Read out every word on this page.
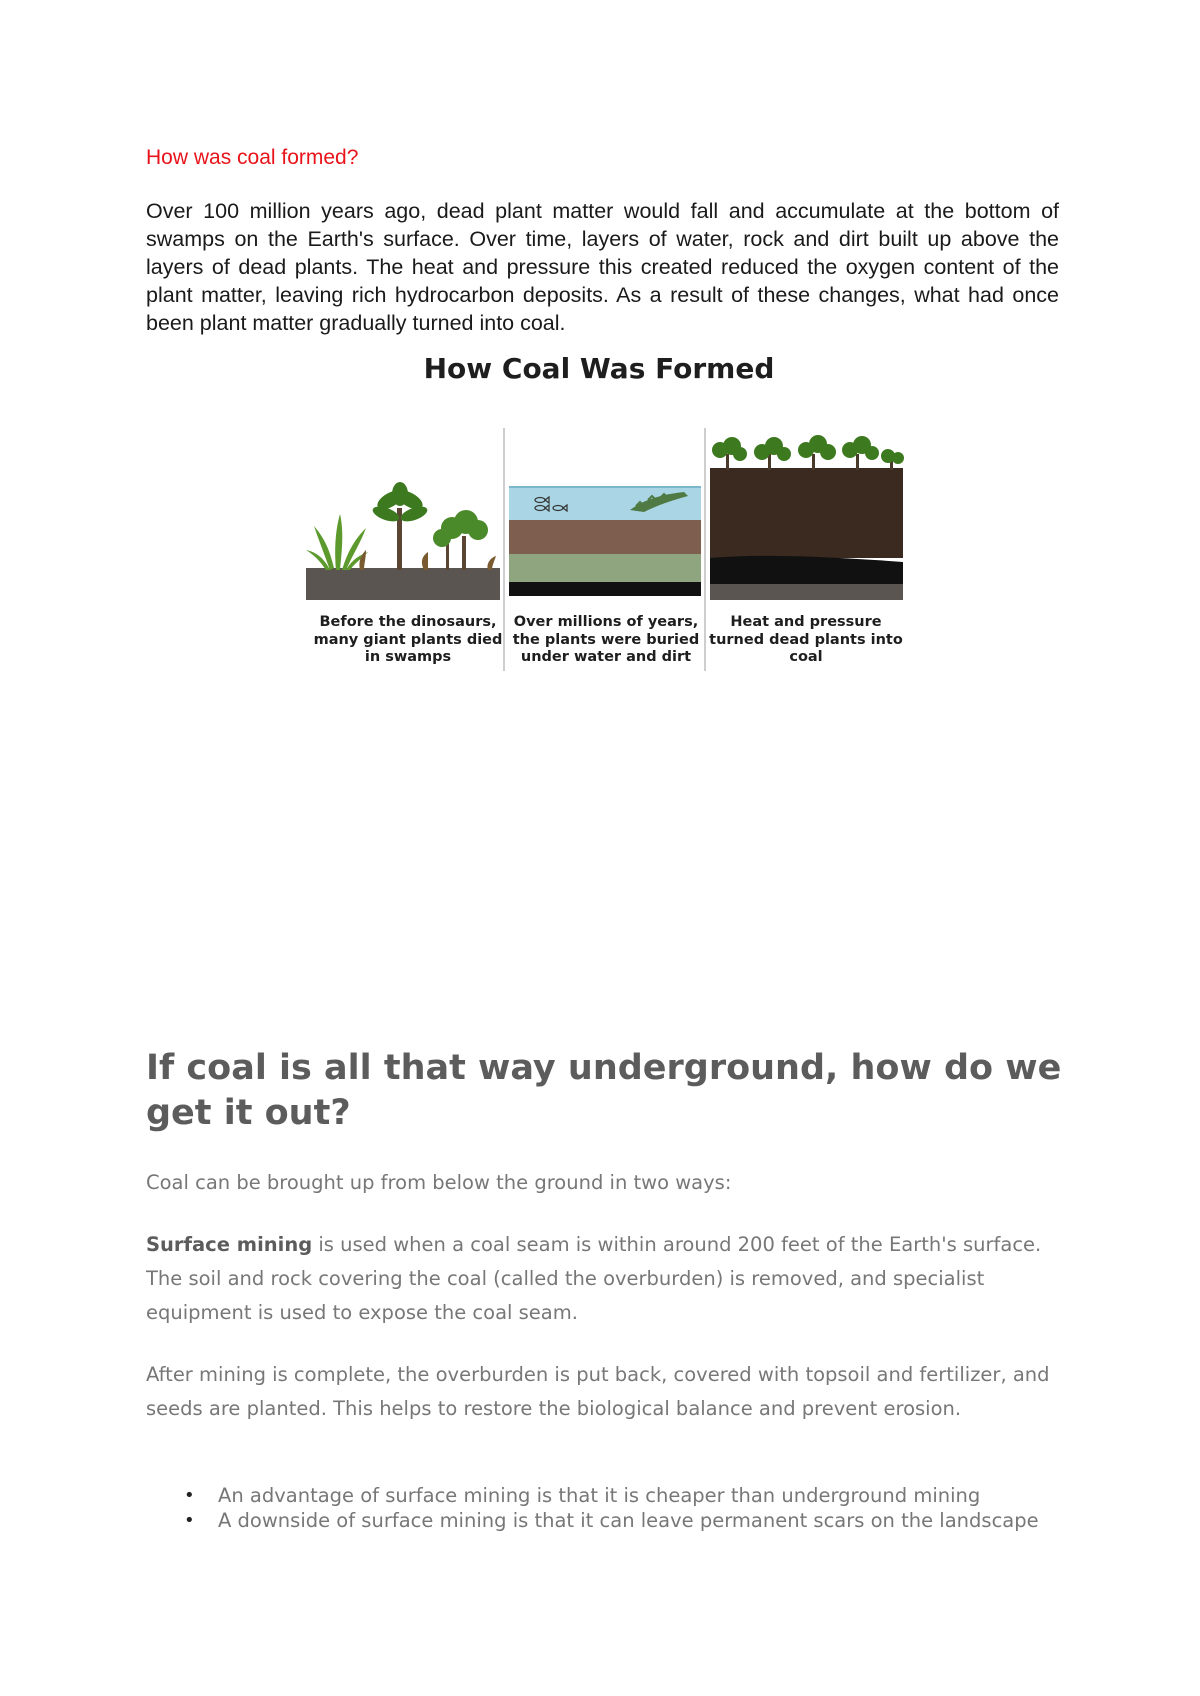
How was coal formed?
Over 100 million years ago, dead plant matter would fall and accumulate at the bottom of swamps on the Earth's surface. Over time, layers of water, rock and dirt built up above the layers of dead plants. The heat and pressure this created reduced the oxygen content of the plant matter, leaving rich hydrocarbon deposits. As a result of these changes, what had once been plant matter gradually turned into coal.
How Coal Was Formed
Before the dinosaurs, many giant plants died in swamps
Over millions of years, the plants were buried under water and dirt
Heat and pressure turned dead plants into coal
If coal is all that way underground, how do we get it out?
Coal can be brought up from below the ground in two ways:
Surface mining is used when a coal seam is within around 200 feet of the Earth's surface. The soil and rock covering the coal (called the overburden) is removed, and specialist equipment is used to expose the coal seam.
After mining is complete, the overburden is put back, covered with topsoil and fertilizer, and seeds are planted. This helps to restore the biological balance and prevent erosion.
• An advantage of surface mining is that it is cheaper than underground mining
• A downside of surface mining is that it can leave permanent scars on the landscape
